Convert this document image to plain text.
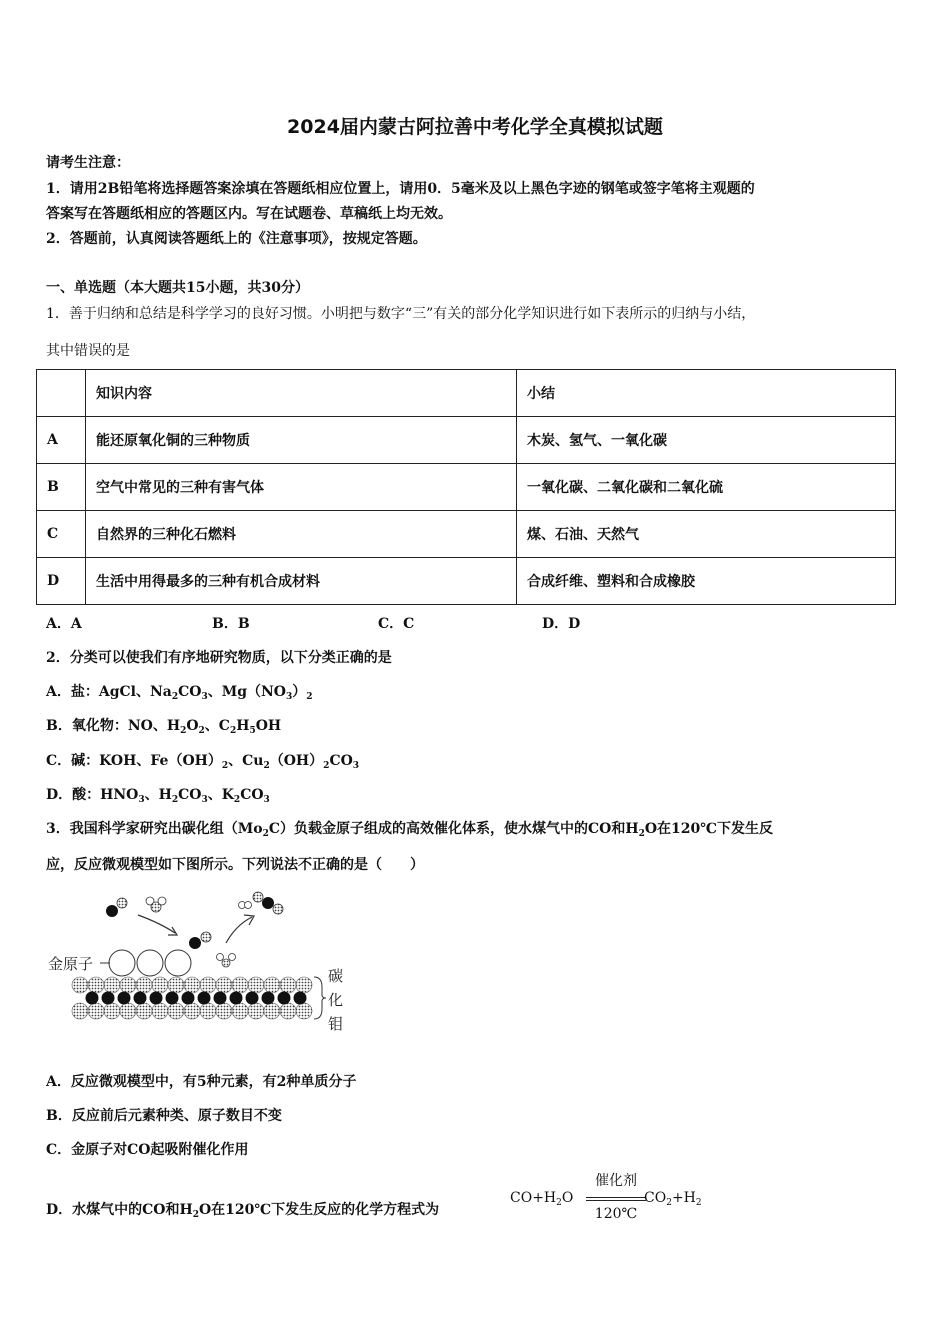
2024届内蒙古阿拉善中考化学全真模拟试题
请考生注意：
1．请用2B铅笔将选择题答案涂填在答题纸相应位置上，请用0．5毫米及以上黑色字迹的钢笔或签字笔将主观题的
答案写在答题纸相应的答题区内。写在试题卷、草稿纸上均无效。
2．答题前，认真阅读答题纸上的《注意事项》，按规定答题。
一、单选题（本大题共15小题，共30分）
1．善于归纳和总结是科学学习的良好习惯。小明把与数字“三”有关的部分化学知识进行如下表所示的归纳与小结，
其中错误的是
	知识内容	小结
A	能还原氧化铜的三种物质	木炭、氢气、一氧化碳
B	空气中常见的三种有害气体	一氧化碳、二氧化碳和二氧化硫
C	自然界的三种化石燃料	煤、石油、天然气
D	生活中用得最多的三种有机合成材料	合成纤维、塑料和合成橡胶
A．A	B．B	C．C	D．D
2．分类可以使我们有序地研究物质，以下分类正确的是
A．盐：AgCl、$Na_2CO_3$、$Mg(NO_3)_2$
B．氧化物：NO、$H_2O_2$、$C_2H_5OH$
C．碱：KOH、$Fe(OH)_2$、$Cu_2(OH)_2CO_3$
D．酸：$HNO_3$、$H_2CO_3$、$K_2CO_3$
3．我国科学家研究出碳化组$(Mo_2C)$负载金原子组成的高效催化体系，使水煤气中的CO和$H_2O$在120℃下发生反
应，反应微观模型如下图所示。下列说法不正确的是（　　）
金原子
碳
化
钼
A．反应微观模型中，有5种元素，有2种单质分子
B．反应前后元素种类、原子数目不变
C．金原子对CO起吸附催化作用
D．水煤气中的CO和$H_2O$在120℃下发生反应的化学方程式为
$CO+H_2O$
催化剂
120℃
$CO_2+H_2$
